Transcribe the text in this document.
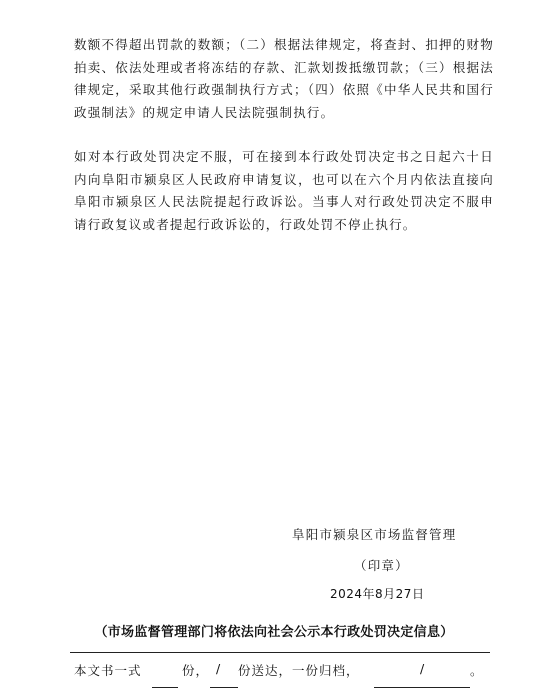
数额不得超出罚款的数额；（二）根据法律规定，将查封、扣押的财物拍卖、依法处理或者将冻结的存款、汇款划拨抵缴罚款；（三）根据法律规定，采取其他行政强制执行方式；（四）依照《中华人民共和国行政强制法》的规定申请人民法院强制执行。
如对本行政处罚决定不服，可在接到本行政处罚决定书之日起六十日内向阜阳市颍泉区人民政府申请复议，也可以在六个月内依法直接向阜阳市颍泉区人民法院提起行政诉讼。当事人对行政处罚决定不服申请行政复议或者提起行政诉讼的，行政处罚不停止执行。
阜阳市颍泉区市场监督管理
（印章）
2024年8月27日
（市场监督管理部门将依法向社会公示本行政处罚决定信息）
本文书一式	份， / 份送达，一份归档，	/	。
